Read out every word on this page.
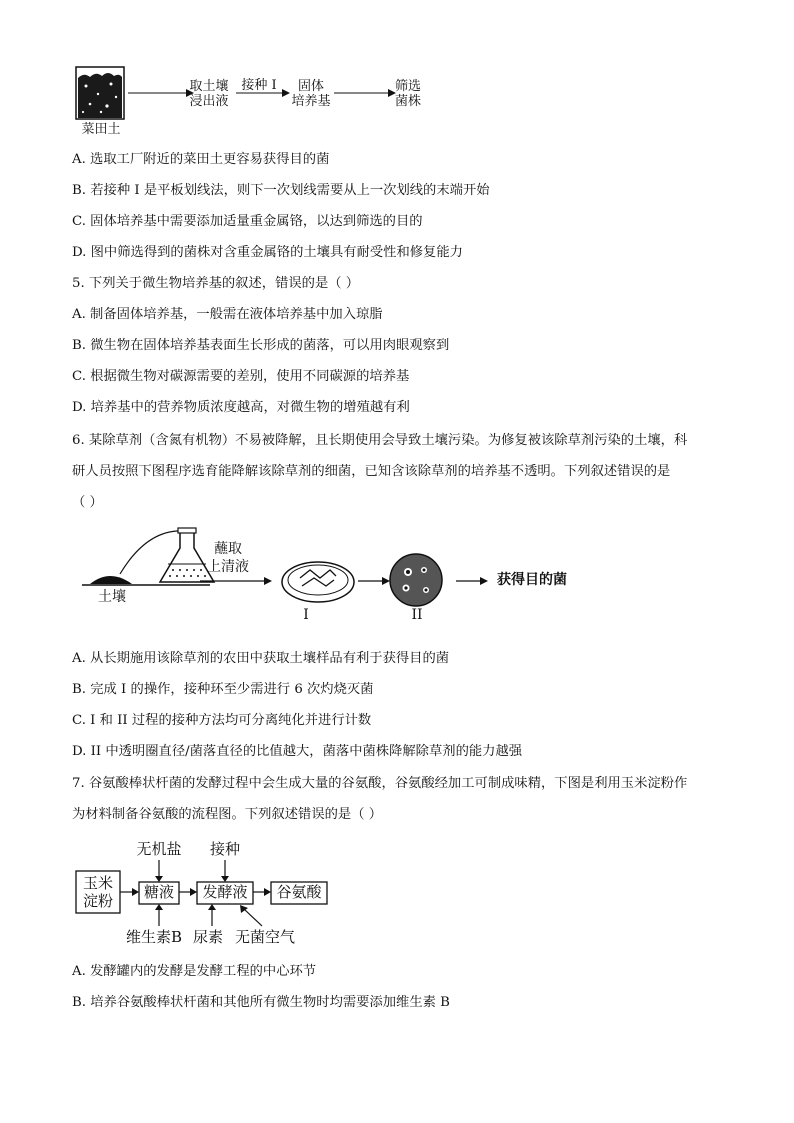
菜田土
取土壤
浸出液
接种 I	固体
培养基
筛选
菌株
A. 选取工厂附近的菜田土更容易获得目的菌
B. 若接种 I 是平板划线法，则下一次划线需要从上一次划线的末端开始
C. 固体培养基中需要添加适量重金属铬，以达到筛选的目的
D. 图中筛选得到的菌株对含重金属铬的土壤具有耐受性和修复能力
5. 下列关于微生物培养基的叙述，错误的是（ ）
A. 制备固体培养基，一般需在液体培养基中加入琼脂
B. 微生物在固体培养基表面生长形成的菌落，可以用肉眼观察到
C. 根据微生物对碳源需要的差别，使用不同碳源的培养基
D. 培养基中的营养物质浓度越高，对微生物的增殖越有利
6. 某除草剂（含氮有机物）不易被降解，且长期使用会导致土壤污染。为修复被该除草剂污染的土壤，科
研人员按照下图程序选育能降解该除草剂的细菌，已知含该除草剂的培养基不透明。下列叙述错误的是
（ ）
土壤
蘸取
上清液
I	II
获得目的菌
A. 从长期施用该除草剂的农田中获取土壤样品有利于获得目的菌
B. 完成 I 的操作，接种环至少需进行 6 次灼烧灭菌
C. I 和 II 过程的接种方法均可分离纯化并进行计数
D. II 中透明圈直径/菌落直径的比值越大，菌落中菌株降解除草剂的能力越强
7. 谷氨酸棒状杆菌的发酵过程中会生成大量的谷氨酸，谷氨酸经加工可制成味精，下图是利用玉米淀粉作
为材料制备谷氨酸的流程图。下列叙述错误的是（ ）
玉米
淀粉	糖液	发酵液	谷氨酸
无机盐	接种
维生素B 尿素 无菌空气
A. 发酵罐内的发酵是发酵工程的中心环节
B. 培养谷氨酸棒状杆菌和其他所有微生物时均需要添加维生素 B
